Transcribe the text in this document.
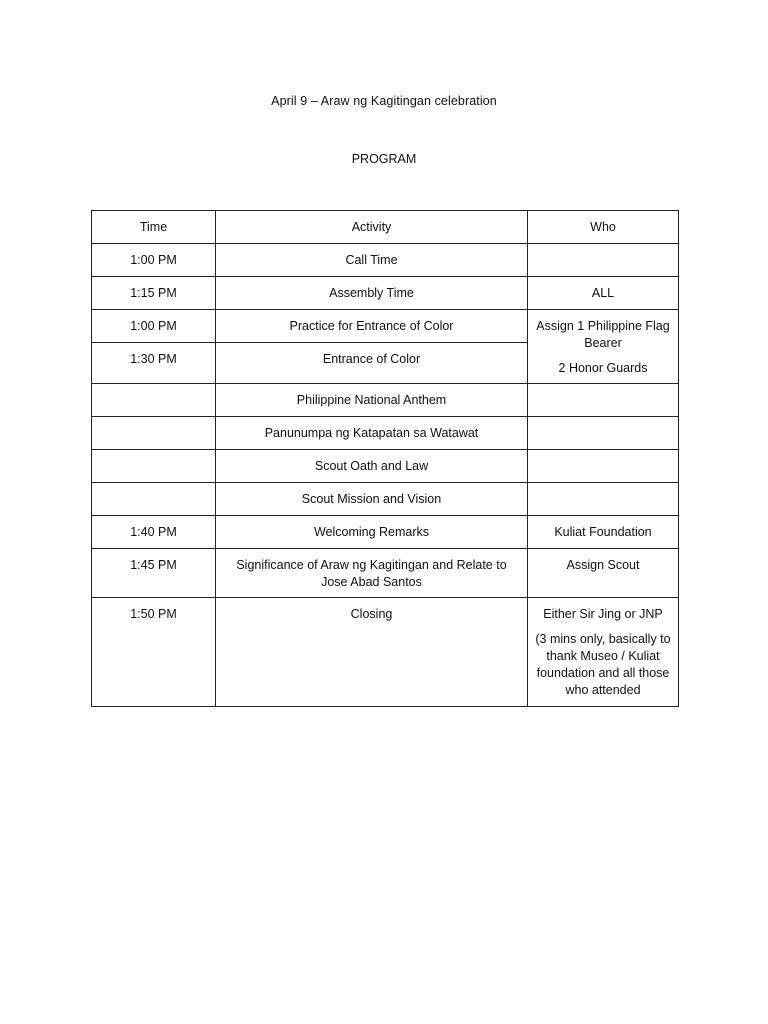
April 9 – Araw ng Kagitingan celebration
PROGRAM
Time	Activity	Who
1:00 PM	Call Time	
1:15 PM	Assembly Time	ALL
1:00 PM	Practice for Entrance of Color	Assign 1 Philippine Flag Bearer
2 Honor Guards

1:30 PM	Entrance of Color	
	Philippine National Anthem	
	Panunumpa ng Katapatan sa Watawat	
	Scout Oath and Law	
	Scout Mission and Vision	
1:40 PM	Welcoming Remarks	Kuliat Foundation
1:45 PM	Significance of Araw ng Kagitingan and Relate to Jose Abad Santos	Assign Scout
1:50 PM	Closing	Either Sir Jing or JNP
(3 mins only, basically to thank Museo / Kuliat foundation and all those who attended
